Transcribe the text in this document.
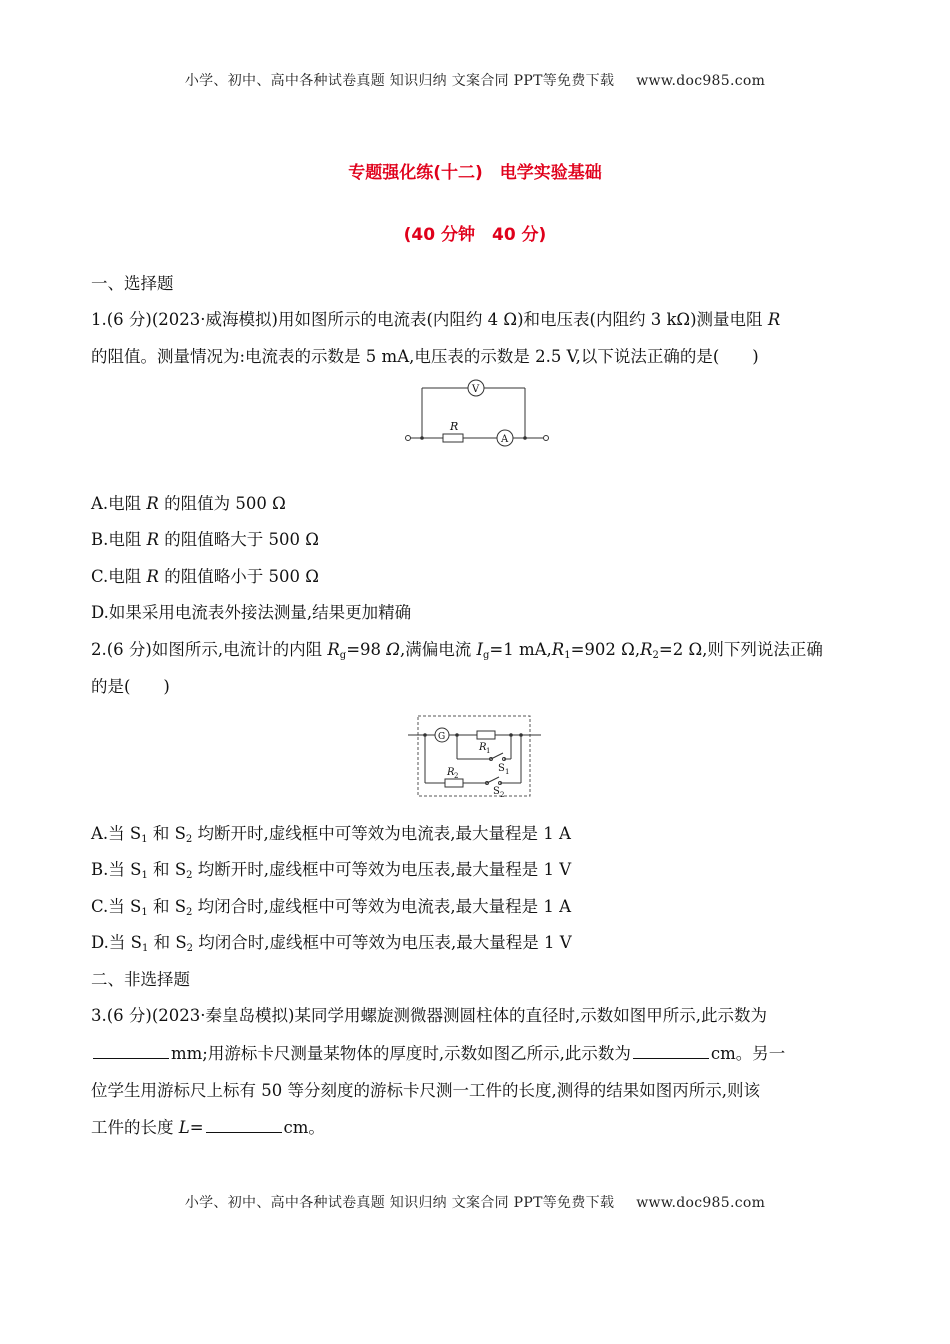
小学、初中、高中各种试卷真题 知识归纳 文案合同 PPT等免费下载 www.doc985.com
专题强化练(十二)　电学实验基础
(40 分钟　40 分)
一、选择题
1.(6 分)(2023·威海模拟)用如图所示的电流表(内阻约 4 Ω)和电压表(内阻约 3 kΩ)测量电阻 R
的阻值。测量情况为:电流表的示数是 5 mA,电压表的示数是 2.5 V,以下说法正确的是(　　)
R
V
A
A.电阻 R 的阻值为 500 Ω
B.电阻 R 的阻值略大于 500 Ω
C.电阻 R 的阻值略小于 500 Ω
D.如果采用电流表外接法测量,结果更加精确
2.(6 分)如图所示,电流计的内阻 $R_g=98$ Ω,满偏电流 $I_g=1$ $mA,R_1=902$ $\Omega,R_2=2$ Ω,则下列说法正确
的是(　　)
G
R 1
R 2
S 1
S 2
A.当 $S_1$ 和 $S_2$ 均断开时,虚线框中可等效为电流表,最大量程是 1 A
B.当 $S_1$ 和 $S_2$ 均断开时,虚线框中可等效为电压表,最大量程是 1 V
C.当 $S_1$ 和 $S_2$ 均闭合时,虚线框中可等效为电流表,最大量程是 1 A
D.当 $S_1$ 和 $S_2$ 均闭合时,虚线框中可等效为电压表,最大量程是 1 V
二、非选择题
3.(6 分)(2023·秦皇岛模拟)某同学用螺旋测微器测圆柱体的直径时,示数如图甲所示,此示数为
mm;用游标卡尺测量某物体的厚度时,示数如图乙所示,此示数为	cm。另一
位学生用游标尺上标有 50 等分刻度的游标卡尺测一工件的长度,测得的结果如图丙所示,则该
工件的长度 L=	cm。
小学、初中、高中各种试卷真题 知识归纳 文案合同 PPT等免费下载 www.doc985.com
